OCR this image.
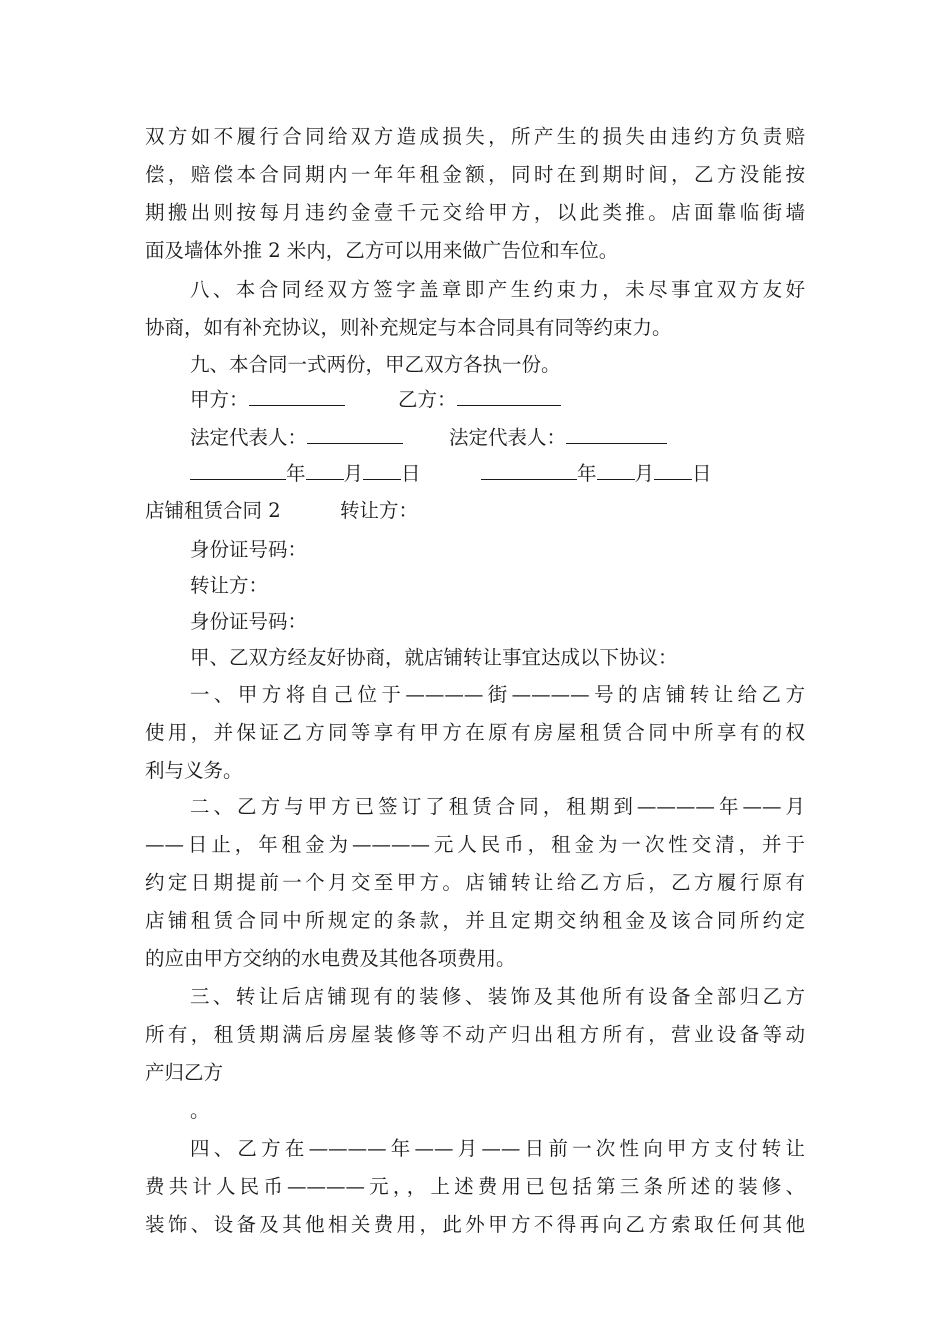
双方如不履行合同给双方造成损失，所产生的损失由违约方负责赔
偿，赔偿本合同期内一年年租金额，同时在到期时间，乙方没能按
期搬出则按每月违约金壹千元交给甲方，以此类推。店面靠临街墙
面及墙体外推 2 米内，乙方可以用来做广告位和车位。
八、本合同经双方签字盖章即产生约束力，未尽事宜双方友好
协商，如有补充协议，则补充规定与本合同具有同等约束力。
九、本合同一式两份，甲乙双方各执一份。
甲方：	乙方：
法定代表人：	法定代表人：
年 月 日	年 月 日
店铺租赁合同 2	转让方：
身份证号码：
转让方：
身份证号码：
甲、乙双方经友好协商，就店铺转让事宜达成以下协议：
一、甲方将自己位于————街————号的店铺转让给乙方
使用，并保证乙方同等享有甲方在原有房屋租赁合同中所享有的权
利与义务。
二、乙方与甲方已签订了租赁合同，租期到————年——月
——日止，年租金为————元人民币，租金为一次性交清，并于
约定日期提前一个月交至甲方。店铺转让给乙方后，乙方履行原有
店铺租赁合同中所规定的条款，并且定期交纳租金及该合同所约定
的应由甲方交纳的水电费及其他各项费用。
三、转让后店铺现有的装修、装饰及其他所有设备全部归乙方
所有，租赁期满后房屋装修等不动产归出租方所有，营业设备等动
产归乙方
。
四、乙方在————年——月——日前一次性向甲方支付转让
费共计人民币————元，，上述费用已包括第三条所述的装修、
装饰、设备及其他相关费用，此外甲方不得再向乙方索取任何其他
